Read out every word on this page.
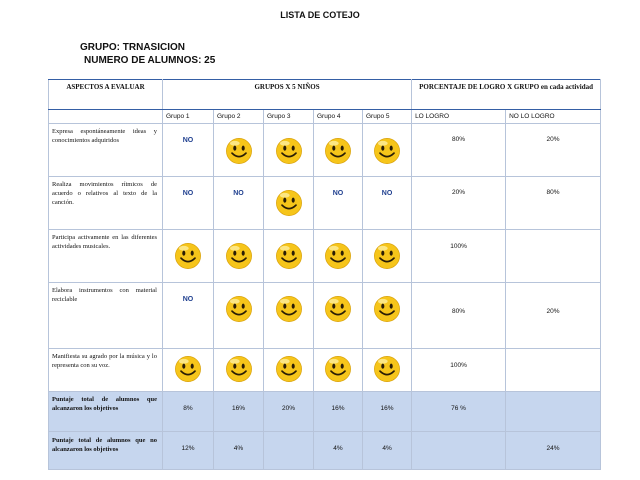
LISTA DE COTEJO
GRUPO: TRNASICION
NUMERO DE ALUMNOS: 25
ASPECTOS A EVALUAR	GRUPOS X 5 NIÑOS					PORCENTAJE DE LOGRO X GRUPO en cada actividad	
	Grupo 1	Grupo 2	Grupo 3	Grupo 4	Grupo 5	LO LOGRO	NO LO LOGRO

Expresa espontáneamente ideas y conocimientos adquiridos	NO					80%	20%

Realiza movimientos rítmicos de acuerdo o relativos al texto de la canción.	NO	NO		NO	NO	20%	80%

Participa activamente en las diferentes actividades musicales.						100%	

Elabora instrumentos con material reciclable	NO					80%	20%

Manifiesta su agrado por la música y lo representa con su voz.						100%	

Puntaje total de alumnos que alcanzaron los objetivos	8%	16%	20%	16%	16%	76 %	

Puntaje total de alumnos que no alcanzaron los objetivos	12%	4%		4%	4%		24%
